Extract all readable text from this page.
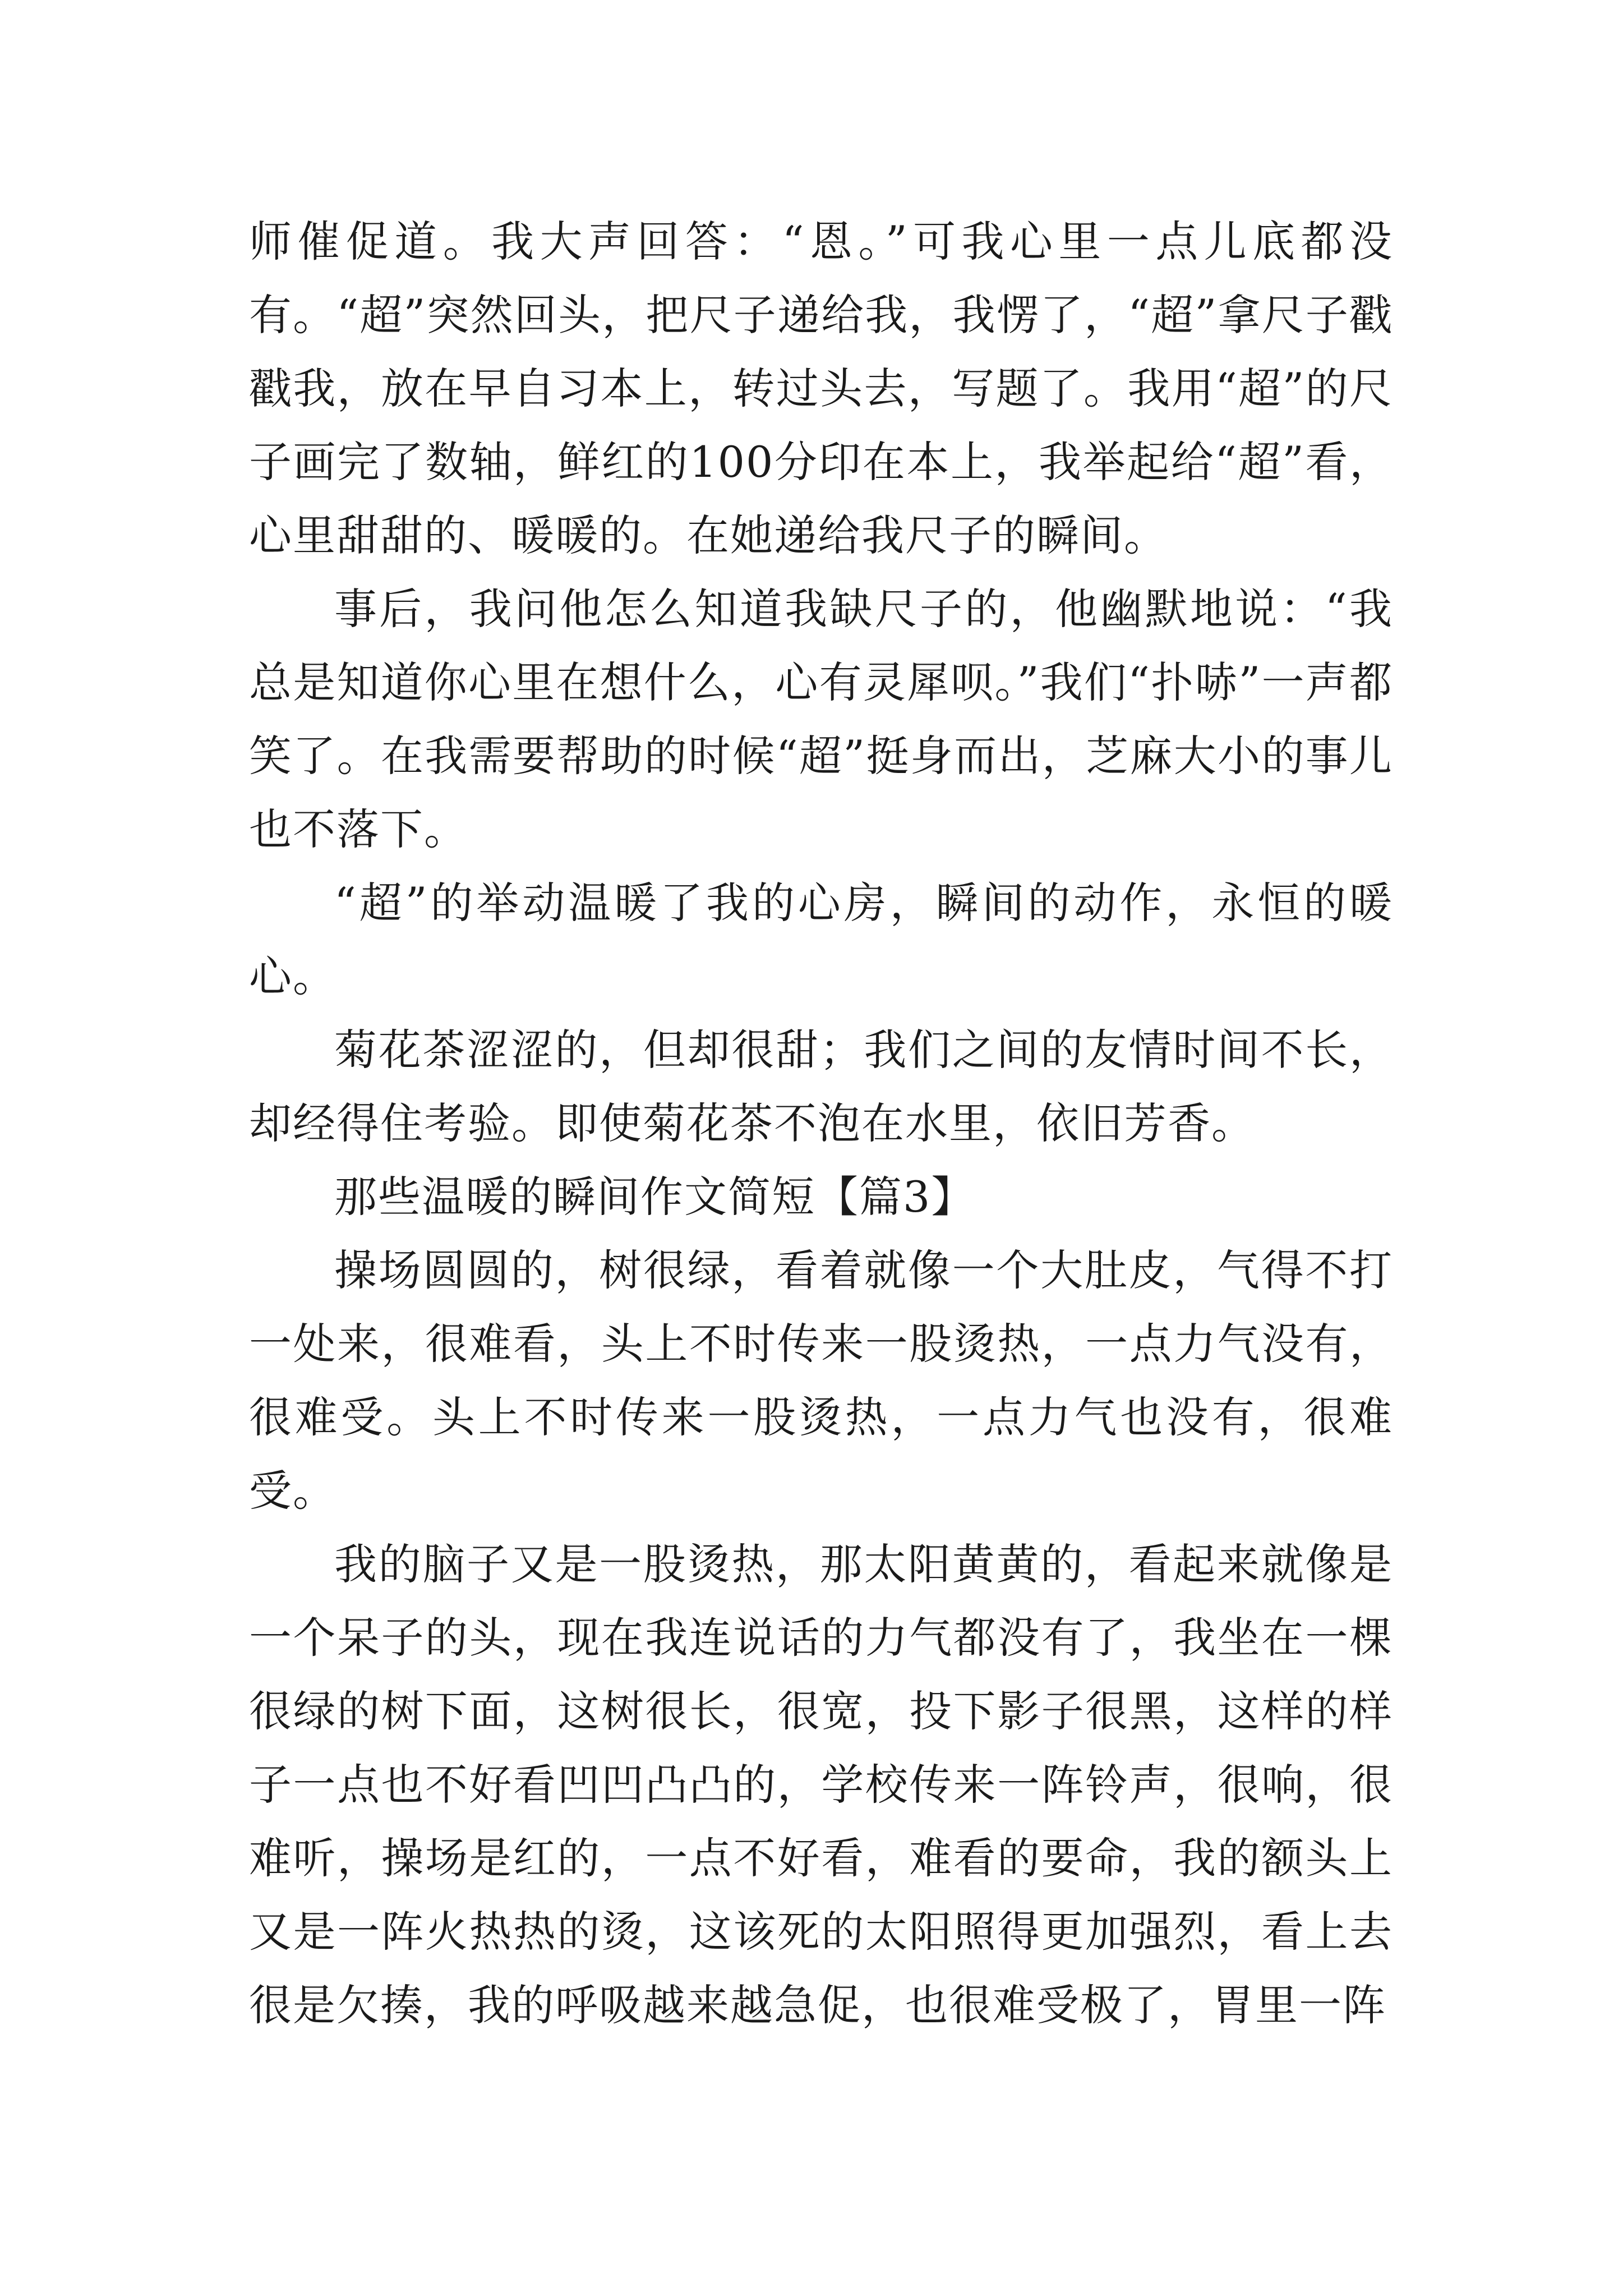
师催促道。我大声回答：“恩。”可我心里一点儿底都没有。“超”突然回头，把尺子递给我，我愣了，“超”拿尺子戳戳我，放在早自习本上，转过头去，写题了。我用“超”的尺子画完了数轴，鲜红的100分印在本上，我举起给“超”看，心里甜甜的、暖暖的。在她递给我尺子的瞬间。

事后，我问他怎么知道我缺尺子的，他幽默地说：“我总是知道你心里在想什么，心有灵犀呗。”我们“扑哧”一声都笑了。在我需要帮助的时候“超”挺身而出，芝麻大小的事儿也不落下。

“超”的举动温暖了我的心房，瞬间的动作，永恒的暖心。

菊花茶涩涩的，但却很甜；我们之间的友情时间不长，却经得住考验。即使菊花茶不泡在水里，依旧芳香。

那些温暖的瞬间作文简短【篇3】

操场圆圆的，树很绿，看着就像一个大肚皮，气得不打一处来，很难看，头上不时传来一股烫热，一点力气没有，很难受。头上不时传来一股烫热，一点力气也没有，很难受。

我的脑子又是一股烫热，那太阳黄黄的，看起来就像是一个呆子的头，现在我连说话的力气都没有了，我坐在一棵很绿的树下面，这树很长，很宽，投下影子很黑，这样的样子一点也不好看凹凹凸凸的，学校传来一阵铃声，很响，很难听，操场是红的，一点不好看，难看的要命，我的额头上又是一阵火热热的烫，这该死的太阳照得更加强烈，看上去很是欠揍，我的呼吸越来越急促，也很难受极了，胃里一阵
